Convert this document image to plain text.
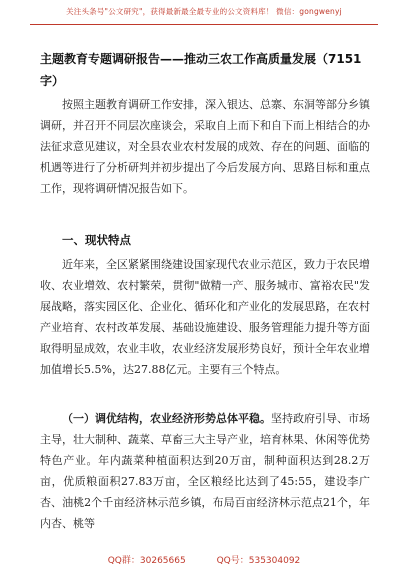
关注头条号"公文研究"，获得最新最全最专业的公文资料库！ 微信：gongwenyj
主题教育专题调研报告——推动三农工作高质量发展（7151字）
按照主题教育调研工作安排，深入银达、总寨、东洞等部分乡镇调研，并召开不同层次座谈会，采取自上而下和自下而上相结合的办法征求意见建议，对全县农业农村发展的成效、存在的问题、面临的机遇等进行了分析研判并初步提出了今后发展方向、思路目标和重点工作，现将调研情况报告如下。
一、现状特点
近年来，全区紧紧围绕建设国家现代农业示范区，致力于农民增收、农业增效、农村繁荣，贯彻"做精一产、服务城市、富裕农民"发展战略，落实园区化、企业化、循环化和产业化的发展思路，在农村产业培育、农村改革发展、基础设施建设、服务管理能力提升等方面取得明显成效，农业丰收，农业经济发展形势良好，预计全年农业增加值增长5.5%，达27.88亿元。主要有三个特点。
（一）调优结构，农业经济形势总体平稳。坚持政府引导、市场主导，壮大制种、蔬菜、草畜三大主导产业，培育林果、休闲等优势特色产业。年内蔬菜种植面积达到20万亩，制种面积达到28.2万亩，优质粮面积27.83万亩，全区粮经比达到了45:55，建设李广杏、油桃2个千亩经济林示范乡镇，布局百亩经济林示范点21个，年内杏、桃等
QQ群：30265665	QQ号：535304092
